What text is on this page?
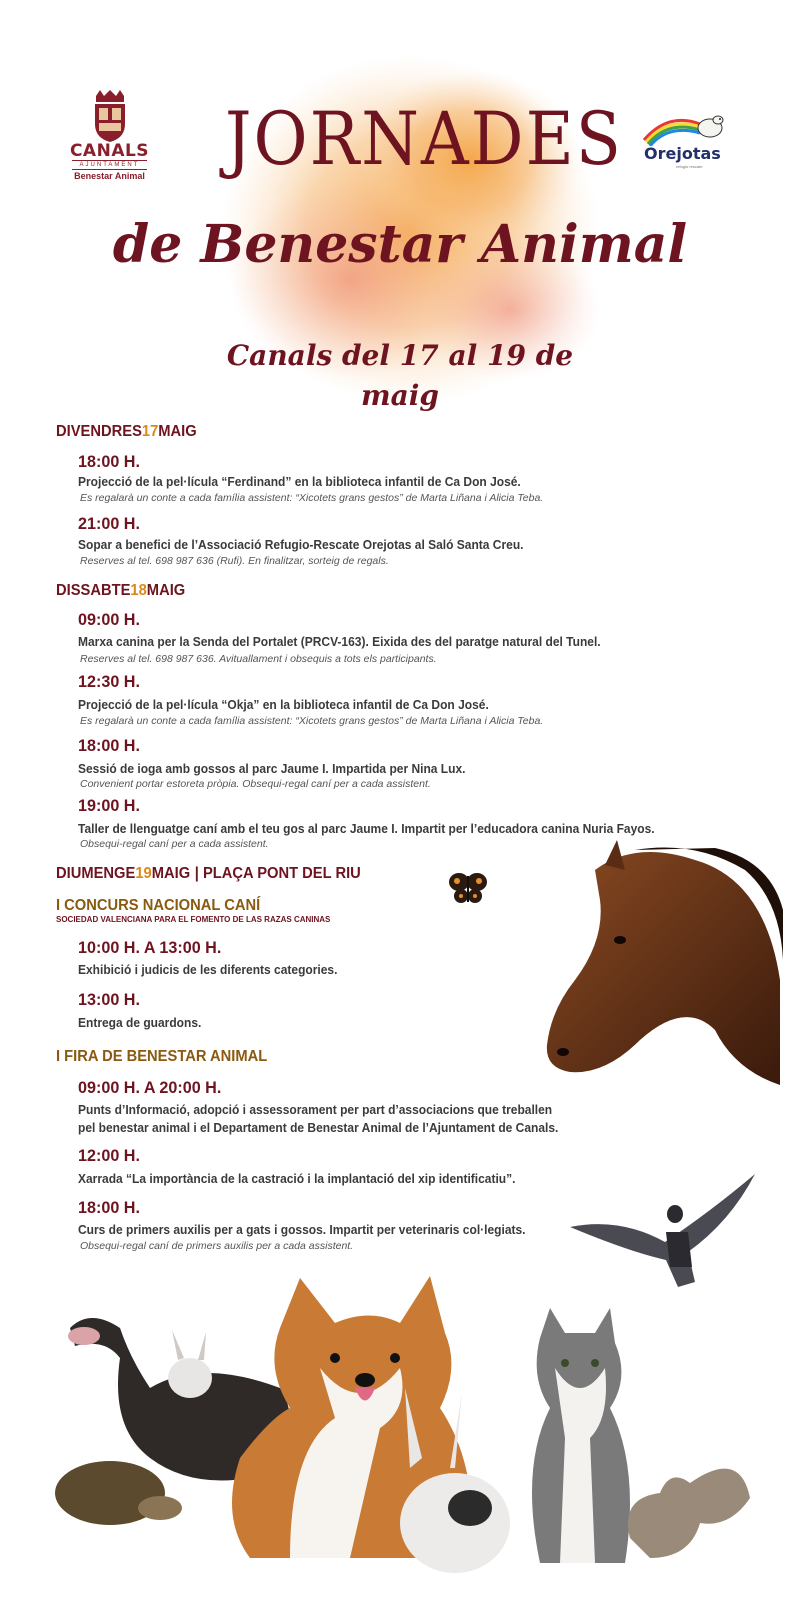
CANALS
AJUNTAMENT
Benestar Animal
Orejotas
refugio rescate
JORNADES
de Benestar Animal
Canals del 17 al 19 de maig
DIVENDRES17MAIG
18:00 H.
Projecció de la pel·lícula “Ferdinand” en la biblioteca infantil de Ca Don José.
Es regalarà un conte a cada família assistent: “Xicotets grans gestos” de Marta Liñana i Alicia Teba.
21:00 H.
Sopar a benefici de l’Associació Refugio-Rescate Orejotas al Saló Santa Creu.
Reserves al tel. 698 987 636 (Rufi). En finalitzar, sorteig de regals.
DISSABTE18MAIG
09:00 H.
Marxa canina per la Senda del Portalet (PRCV-163). Eixida des del paratge natural del Tunel.
Reserves al tel. 698 987 636. Avituallament i obsequis a tots els participants.
12:30 H.
Projecció de la pel·lícula “Okja” en la biblioteca infantil de Ca Don José.
Es regalarà un conte a cada família assistent: “Xicotets grans gestos” de Marta Liñana i Alicia Teba.
18:00 H.
Sessió de ioga amb gossos al parc Jaume I. Impartida per Nina Lux.
Convenient portar estoreta pròpia. Obsequi-regal caní per a cada assistent.
19:00 H.
Taller de llenguatge caní amb el teu gos al parc Jaume I. Impartit per l’educadora canina Nuria Fayos.
Obsequi-regal caní per a cada assistent.
DIUMENGE19MAIG | PLAÇA PONT DEL RIU
I CONCURS NACIONAL CANÍ
SOCIEDAD VALENCIANA PARA EL FOMENTO DE LAS RAZAS CANINAS
10:00 H. A 13:00 H.
Exhibició i judicis de les diferents categories.
13:00 H.
Entrega de guardons.
I FIRA DE BENESTAR ANIMAL
09:00 H. A 20:00 H.
Punts d’Informació, adopció i assessorament per part d’associacions que treballen
pel benestar animal i el Departament de Benestar Animal de l’Ajuntament de Canals.
12:00 H.
Xarrada “La importància de la castració i la implantació del xip identificatiu”.
18:00 H.
Curs de primers auxilis per a gats i gossos. Impartit per veterinaris col·legiats.
Obsequi-regal caní de primers auxilis per a cada assistent.
